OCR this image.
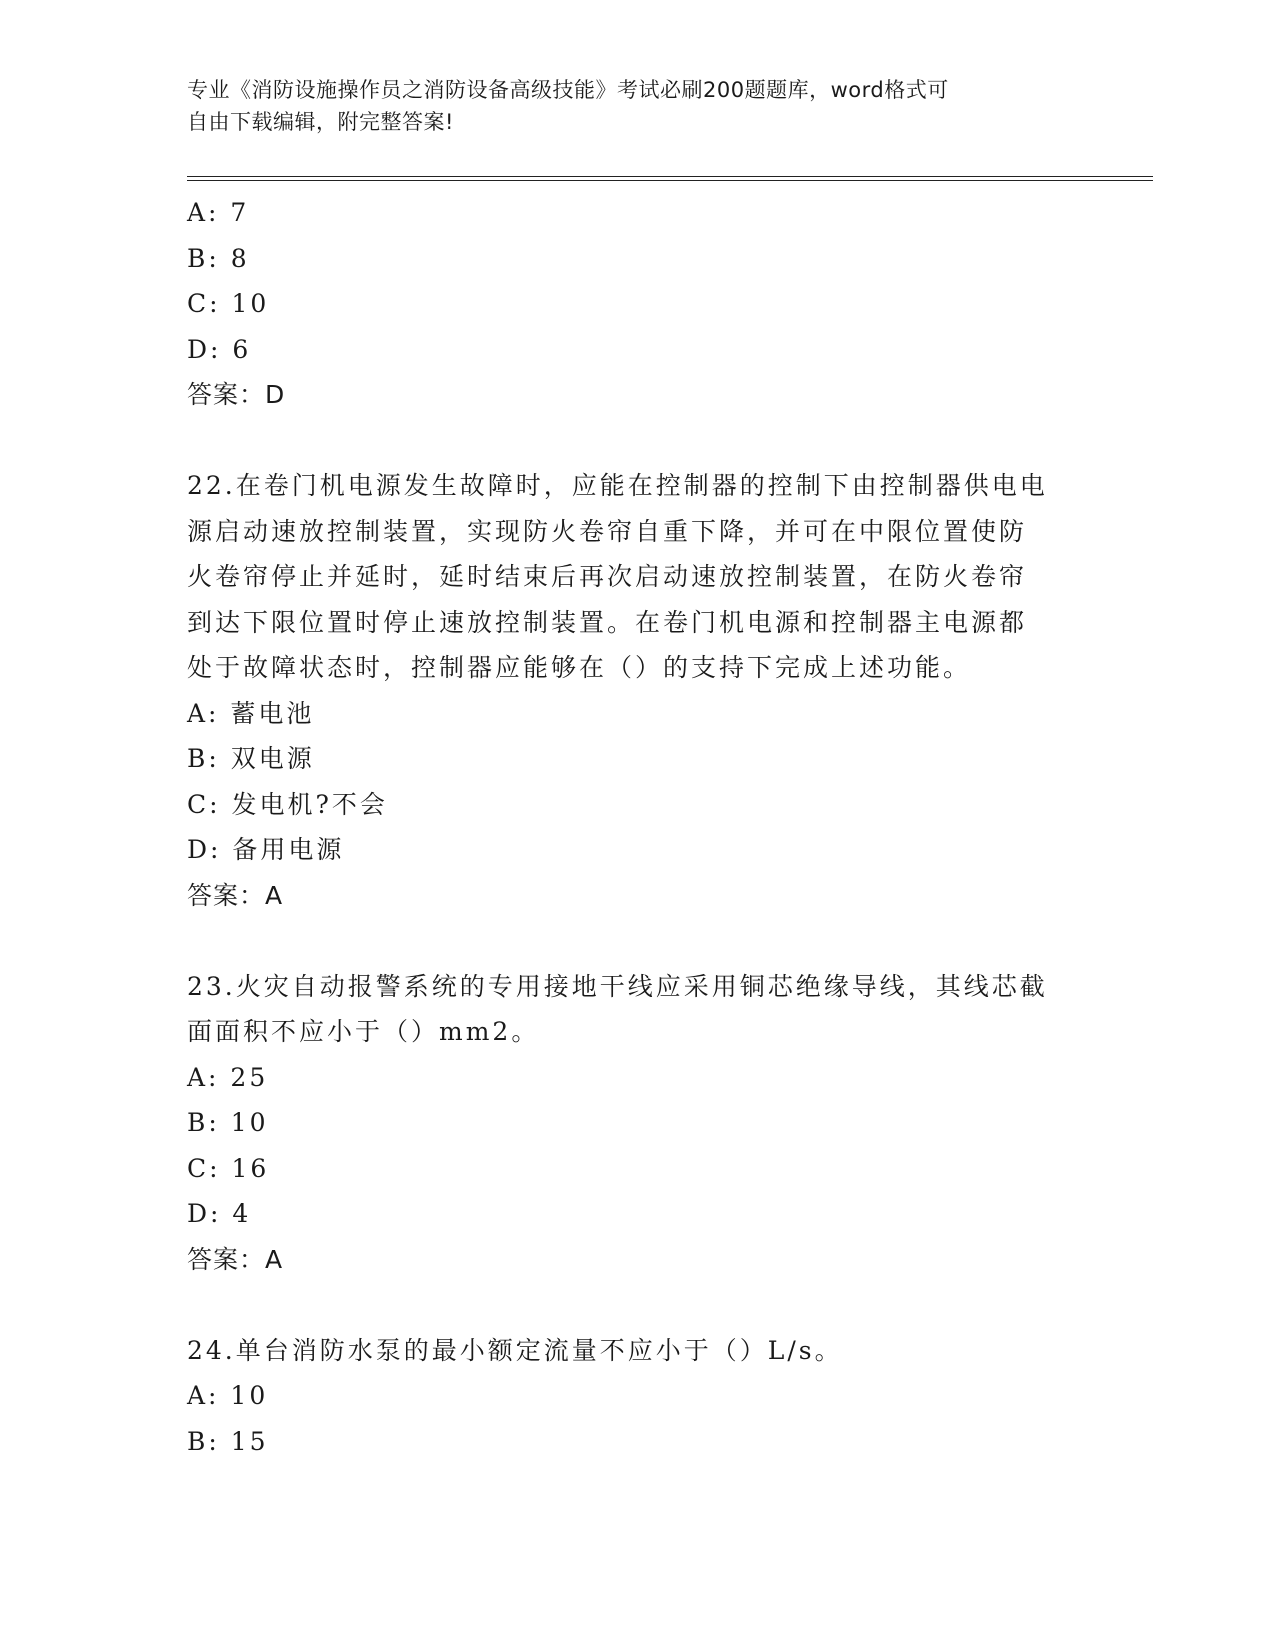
专业《消防设施操作员之消防设备高级技能》考试必刷200题题库，word格式可
自由下载编辑，附完整答案!
A: 7
B: 8
C: 10
D: 6
答案：D
22.在卷门机电源发生故障时，应能在控制器的控制下由控制器供电电
源启动速放控制装置，实现防火卷帘自重下降，并可在中限位置使防
火卷帘停止并延时，延时结束后再次启动速放控制装置，在防火卷帘
到达下限位置时停止速放控制装置。在卷门机电源和控制器主电源都
处于故障状态时，控制器应能够在（）的支持下完成上述功能。
A: 蓄电池
B: 双电源
C: 发电机?不会
D: 备用电源
答案：A
23.火灾自动报警系统的专用接地干线应采用铜芯绝缘导线，其线芯截
面面积不应小于（）mm2。
A: 25
B: 10
C: 16
D: 4
答案：A
24.单台消防水泵的最小额定流量不应小于（）L/s。
A: 10
B: 15
